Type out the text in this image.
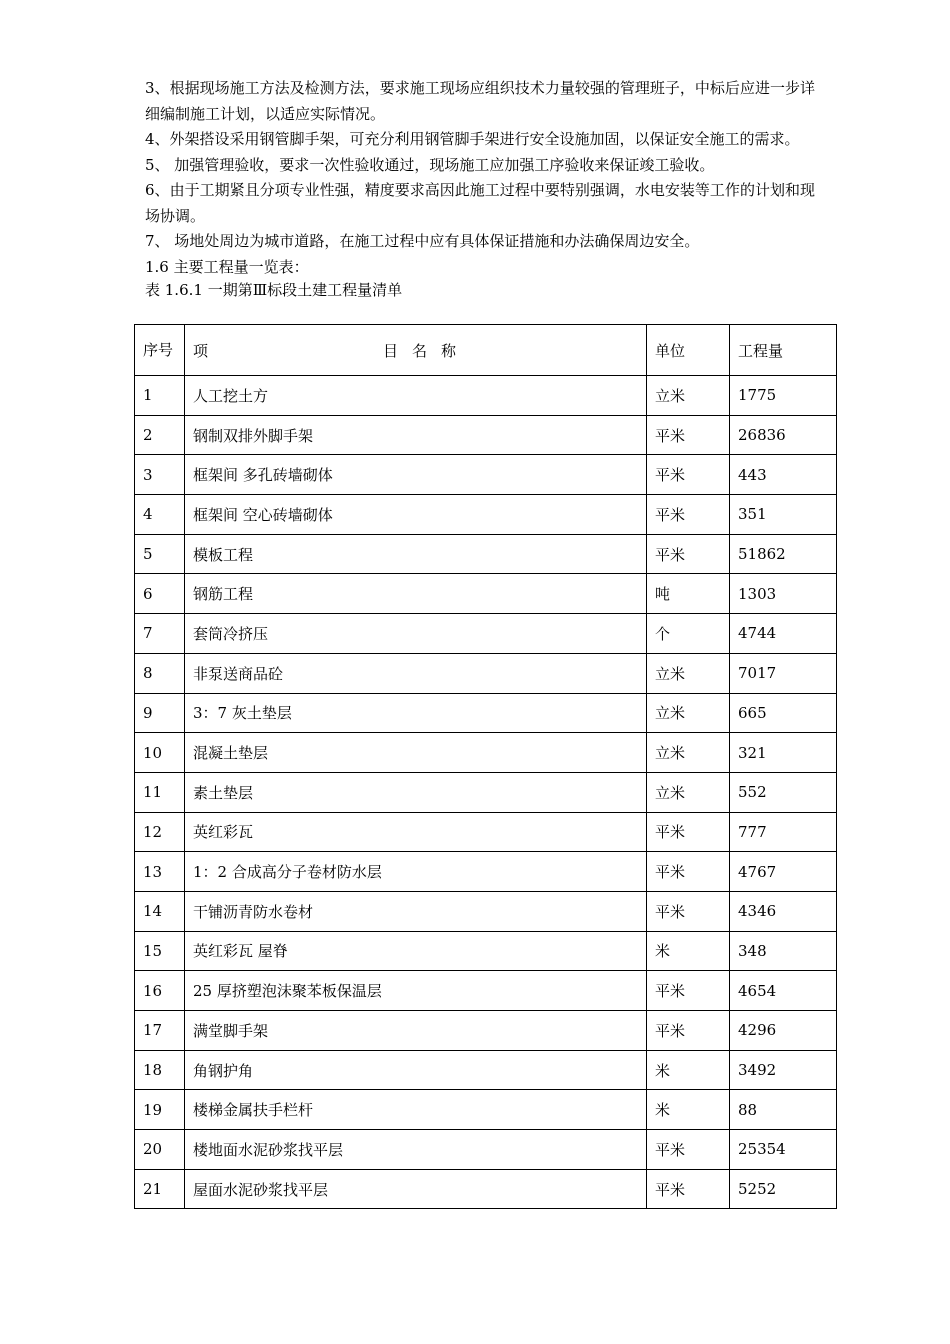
3、根据现场施工方法及检测方法，要求施工现场应组织技术力量较强的管理班子，中标后应进一步详细编制施工计划，以适应实际情况。

4、外架搭设采用钢管脚手架，可充分利用钢管脚手架进行安全设施加固，以保证安全施工的需求。

5、 加强管理验收，要求一次性验收通过，现场施工应加强工序验收来保证竣工验收。

6、由于工期紧且分项专业性强，精度要求高因此施工过程中要特别强调，水电安装等工作的计划和现场协调。

7、 场地处周边为城市道路，在施工过程中应有具体保证措施和办法确保周边安全。

1.6 主要工程量一览表：

表 1.6.1 一期第Ⅲ标段土建工程量清单

序号	项 目名称	单位	工程量
1	人工挖土方	立米	1775
2	钢制双排外脚手架	平米	26836
3	框架间 多孔砖墙砌体	平米	443
4	框架间 空心砖墙砌体	平米	351
5	模板工程	平米	51862
6	钢筋工程	吨	1303
7	套筒冷挤压	个	4744
8	非泵送商品砼	立米	7017
9	3：7 灰土垫层	立米	665
10	混凝土垫层	立米	321
11	素土垫层	立米	552
12	英红彩瓦	平米	777
13	1：2 合成高分子卷材防水层	平米	4767
14	干铺沥青防水卷材	平米	4346
15	英红彩瓦 屋脊	米	348
16	25 厚挤塑泡沫聚苯板保温层	平米	4654
17	满堂脚手架	平米	4296
18	角钢护角	米	3492
19	楼梯金属扶手栏杆	米	88
20	楼地面水泥砂浆找平层	平米	25354
21	屋面水泥砂浆找平层	平米	5252
